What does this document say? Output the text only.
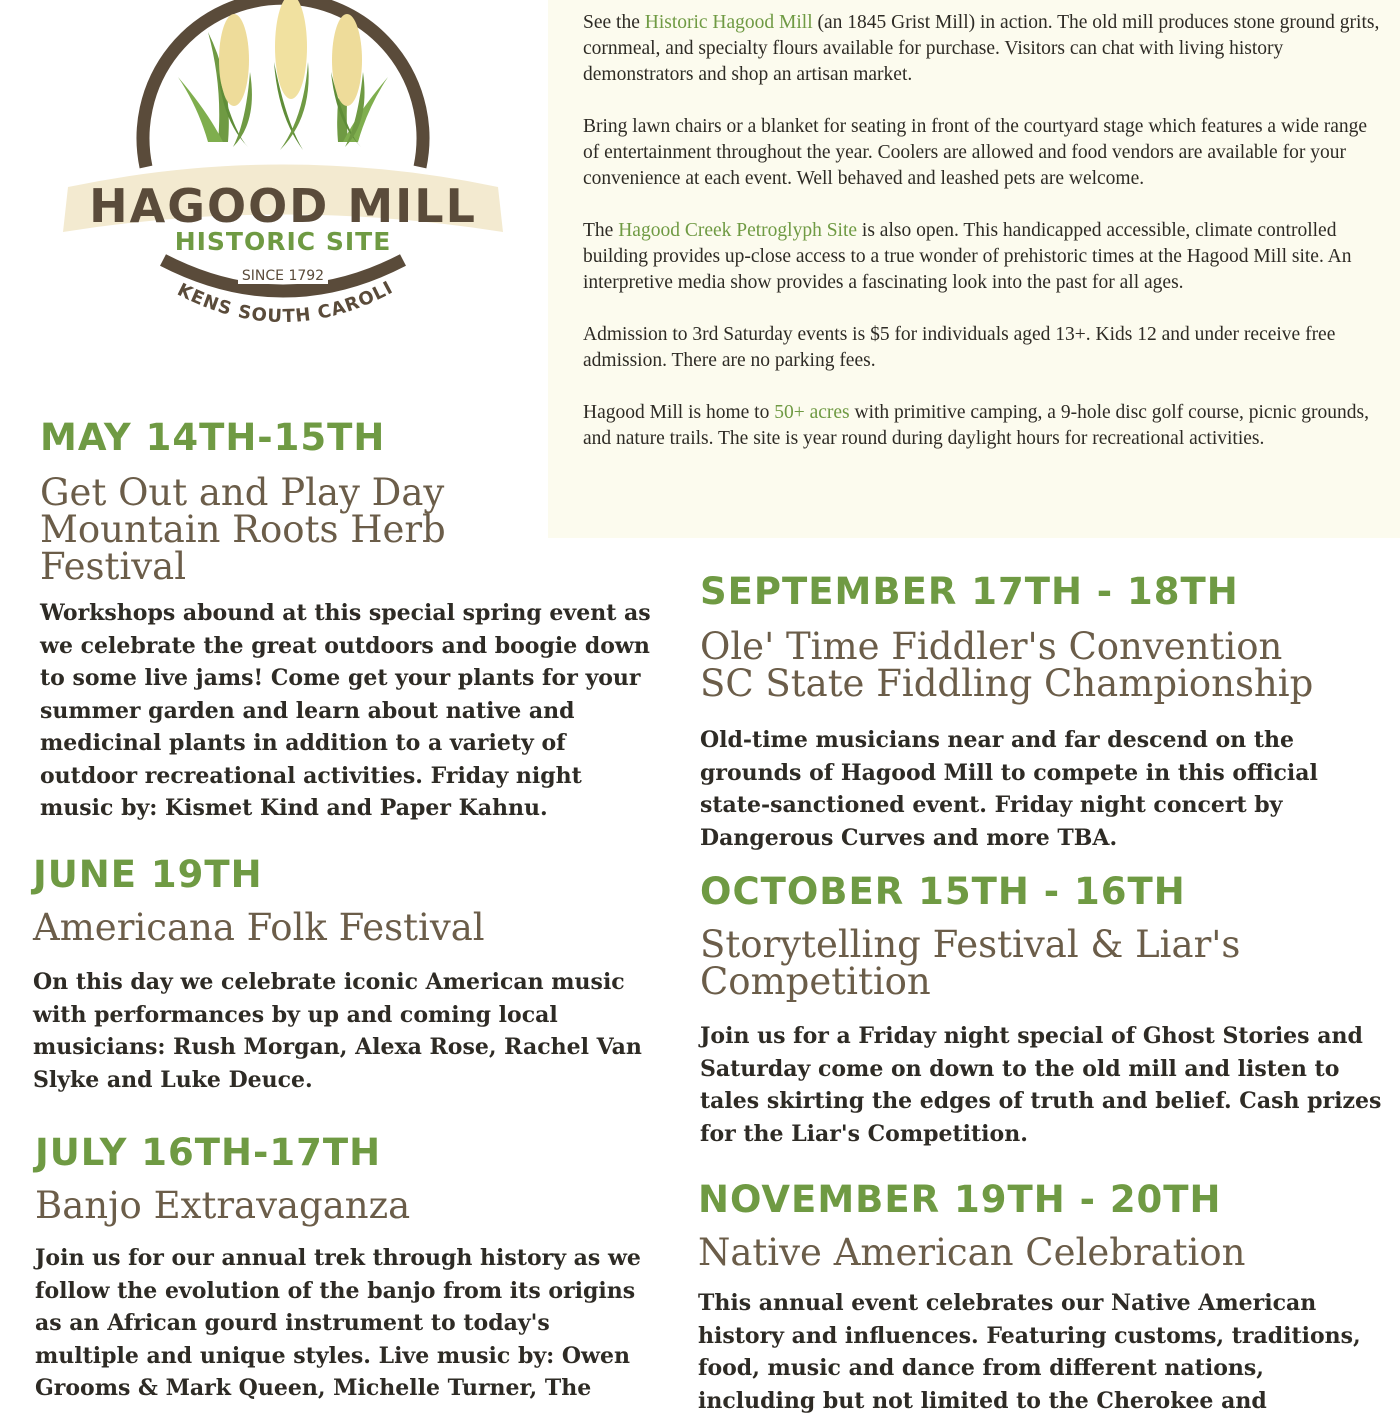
HAGOOD MILL
HISTORIC SITE
SINCE 1792
KENS SOUTH CAROLI

See the Historic Hagood Mill (an 1845 Grist Mill) in action. The old mill produces stone ground grits, cornmeal, and specialty flours available for purchase. Visitors can chat with living history demonstrators and shop an artisan market.

Bring lawn chairs or a blanket for seating in front of the courtyard stage which features a wide range of entertainment throughout the year. Coolers are allowed and food vendors are available for your convenience at each event. Well behaved and leashed pets are welcome.

The Hagood Creek Petroglyph Site is also open. This handicapped accessible, climate controlled building provides up-close access to a true wonder of prehistoric times at the Hagood Mill site. An interpretive media show provides a fascinating look into the past for all ages.

Admission to 3rd Saturday events is $5 for individuals aged 13+. Kids 12 and under receive free admission. There are no parking fees.

Hagood Mill is home to 50+ acres with primitive camping, a 9-hole disc golf course, picnic grounds, and nature trails. The site is year round during daylight hours for recreational activities.

MAY 14TH-15TH
Get Out and Play Day
Mountain Roots Herb
Festival
Workshops abound at this special spring event as
we celebrate the great outdoors and boogie down
to some live jams! Come get your plants for your
summer garden and learn about native and
medicinal plants in addition to a variety of
outdoor recreational activities. Friday night
music by: Kismet Kind and Paper Kahnu.
JUNE 19TH
Americana Folk Festival
On this day we celebrate iconic American music
with performances by up and coming local
musicians: Rush Morgan, Alexa Rose, Rachel Van
Slyke and Luke Deuce.
JULY 16TH-17TH
Banjo Extravaganza
Join us for our annual trek through history as we
follow the evolution of the banjo from its origins
as an African gourd instrument to today's
multiple and unique styles. Live music by: Owen
Grooms & Mark Queen, Michelle Turner, The
SEPTEMBER 17TH - 18TH
Ole' Time Fiddler's Convention
SC State Fiddling Championship
Old-time musicians near and far descend on the
grounds of Hagood Mill to compete in this official
state-sanctioned event. Friday night concert by
Dangerous Curves and more TBA.
OCTOBER 15TH - 16TH
Storytelling Festival & Liar's
Competition
Join us for a Friday night special of Ghost Stories and
Saturday come on down to the old mill and listen to
tales skirting the edges of truth and belief. Cash prizes
for the Liar's Competition.
NOVEMBER 19TH - 20TH
Native American Celebration
This annual event celebrates our Native American
history and influences. Featuring customs, traditions,
food, music and dance from different nations,
including but not limited to the Cherokee and
